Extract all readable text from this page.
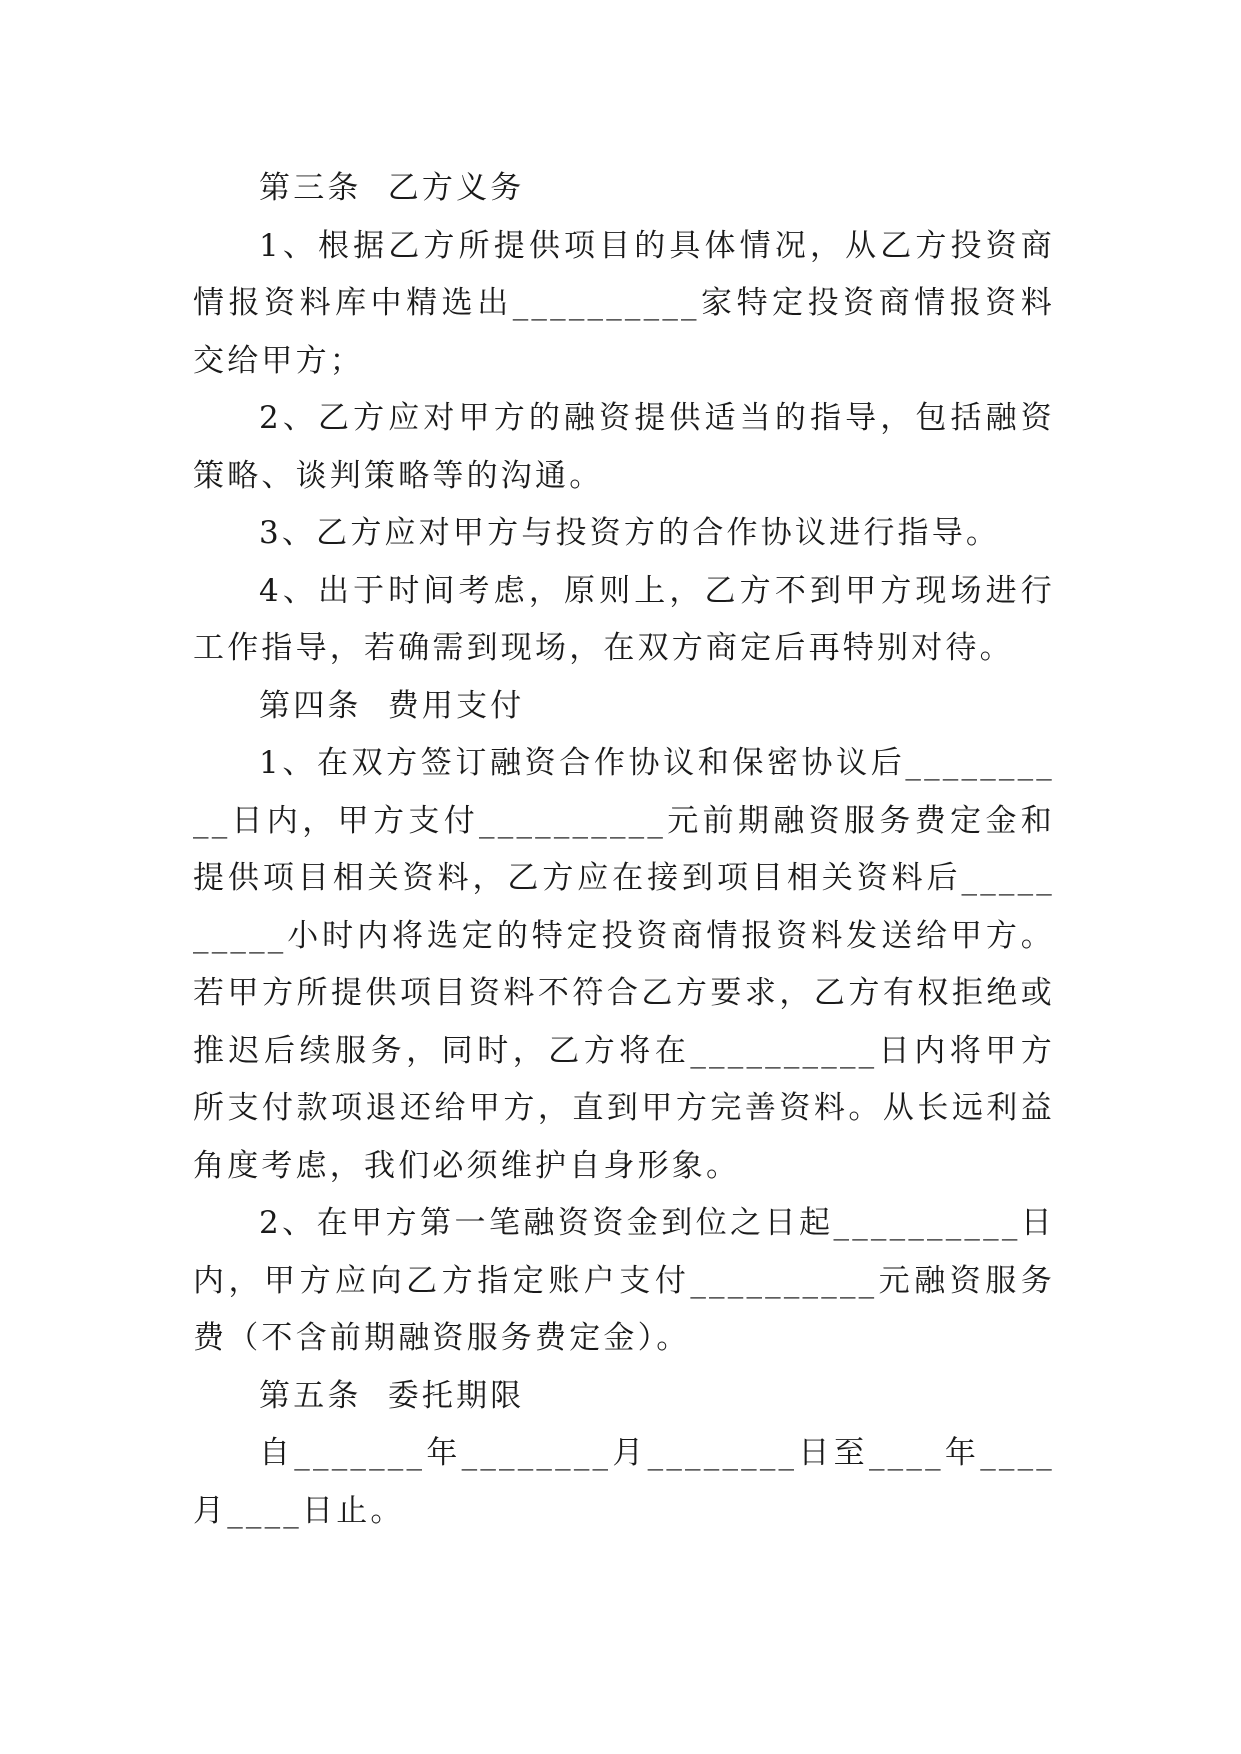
第三条  乙方义务

1、根据乙方所提供项目的具体情况，从乙方投资商情报资料库中精选出__________家特定投资商情报资料交给甲方；

2、乙方应对甲方的融资提供适当的指导，包括融资策略、谈判策略等的沟通。

3、乙方应对甲方与投资方的合作协议进行指导。

4、出于时间考虑，原则上，乙方不到甲方现场进行工作指导，若确需到现场，在双方商定后再特别对待。

第四条  费用支付

1、在双方签订融资合作协议和保密协议后__________日内，甲方支付__________元前期融资服务费定金和提供项目相关资料，乙方应在接到项目相关资料后__________小时内将选定的特定投资商情报资料发送给甲方。若甲方所提供项目资料不符合乙方要求，乙方有权拒绝或推迟后续服务，同时，乙方将在__________日内将甲方所支付款项退还给甲方，直到甲方完善资料。从长远利益角度考虑，我们必须维护自身形象。

2、在甲方第一笔融资资金到位之日起__________日内，甲方应向乙方指定账户支付__________元融资服务费（不含前期融资服务费定金）。

第五条  委托期限

自_______年________月________日至____年____月____日止。
